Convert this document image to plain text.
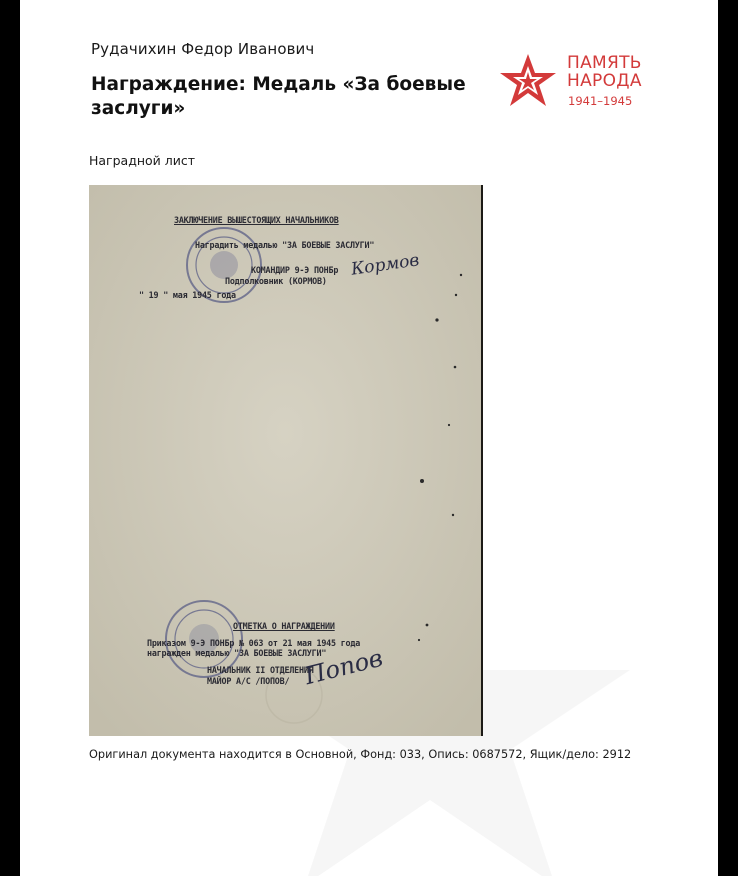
Рудачихин Федор Иванович
Награждение: Медаль «За боевые заслуги»
ПАМЯТЬ
НАРОДА
1941–1945
Наградной лист
ЗАКЛЮЧЕНИЕ ВЫШЕСТОЯЩИХ НАЧАЛЬНИКОВ
Наградить медалью "ЗА БОЕВЫЕ ЗАСЛУГИ"
КОМАНДИР 9-Э ПОНБр
Подполковник (КОРМОВ)
" 19 " мая 1945 года
Кормов
ОТМЕТКА О НАГРАЖДЕНИИ
Приказом 9-Э ПОНБр № 063 от 21 мая 1945 года
награжден медалью "ЗА БОЕВЫЕ ЗАСЛУГИ"
НАЧАЛЬНИК II ОТДЕЛЕНИЯ
МАЙОР А/С /ПОПОВ/ Попов
Оригинал документа находится в Основной, Фонд: 033, Опись: 0687572, Ящик/дело: 2912
